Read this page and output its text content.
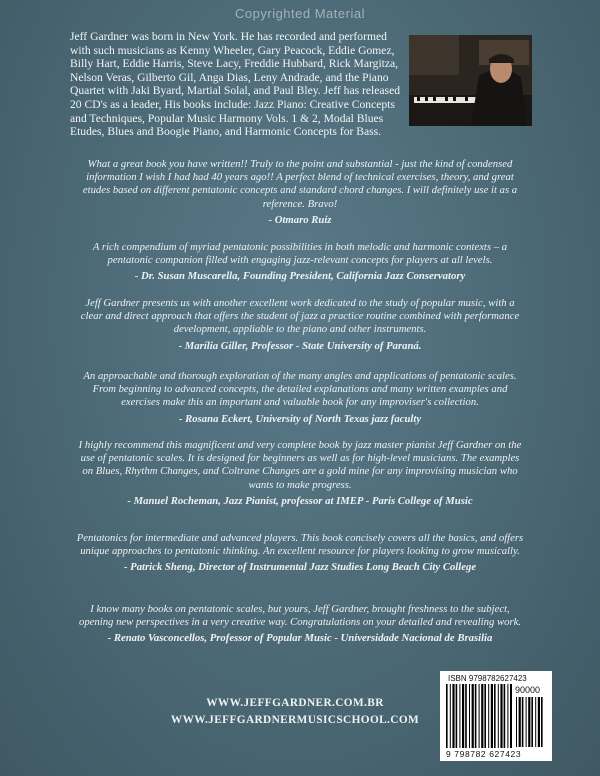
Copyrighted Material
Jeff Gardner was born in New York. He has recorded and performed with such musicians as Kenny Wheeler, Gary Peacock, Eddie Gomez, Billy Hart, Eddie Harris, Steve Lacy, Freddie Hubbard, Rick Margitza, Nelson Veras, Gilberto Gil, Anga Dias, Leny Andrade, and the Piano Quartet with Jaki Byard, Martial Solal, and Paul Bley. Jeff has released 20 CD's as a leader, His books include: Jazz Piano: Creative Concepts and Techniques, Popular Music Harmony Vols. 1 & 2, Modal Blues Etudes, Blues and Boogie Piano, and Harmonic Concepts for Bass.

What a great book you have written!! Truly to the point and substantial - just the kind of condensed information I wish I had had 40 years ago!! A perfect blend of technical exercises, theory, and great etudes based on different pentatonic concepts and standard chord changes. I will definitely use it as a reference. Bravo!

- Otmaro Ruiz

A rich compendium of myriad pentatonic possibilities in both melodic and harmonic contexts – a pentatonic companion filled with engaging jazz-relevant concepts for players at all levels.

- Dr. Susan Muscarella, Founding President, California Jazz Conservatory

Jeff Gardner presents us with another excellent work dedicated to the study of popular music, with a clear and direct approach that offers the student of jazz a practice routine combined with performance development, appliable to the piano and other instruments.

- Marília Giller, Professor - State University of Paraná.

An approachable and thorough exploration of the many angles and applications of pentatonic scales. From beginning to advanced concepts, the detailed explanations and many written examples and exercises make this an important and valuable book for any improviser's collection.

- Rosana Eckert, University of North Texas jazz faculty

I highly recommend this magnificent and very complete book by jazz master pianist Jeff Gardner on the use of pentatonic scales. It is designed for beginners as well as for high-level musicians. The examples on Blues, Rhythm Changes, and Coltrane Changes are a gold mine for any improvising musician who wants to make progress.

- Manuel Rocheman, Jazz Pianist, professor at IMEP - Paris College of Music

Pentatonics for intermediate and advanced players. This book concisely covers all the basics, and offers unique approaches to pentatonic thinking. An excellent resource for players looking to grow musically.

- Patrick Sheng, Director of Instrumental Jazz Studies Long Beach City College

I know many books on pentatonic scales, but yours, Jeff Gardner, brought freshness to the subject, opening new perspectives in a very creative way. Congratulations on your detailed and revealing work.

- Renato Vasconcellos, Professor of Popular Music - Universidade Nacional de Brasilia

WWW.JEFFGARDNER.COM.BR
WWW.JEFFGARDNERMUSICSCHOOL.COM
ISBN 9798782627423
90000
9 798782 627423
